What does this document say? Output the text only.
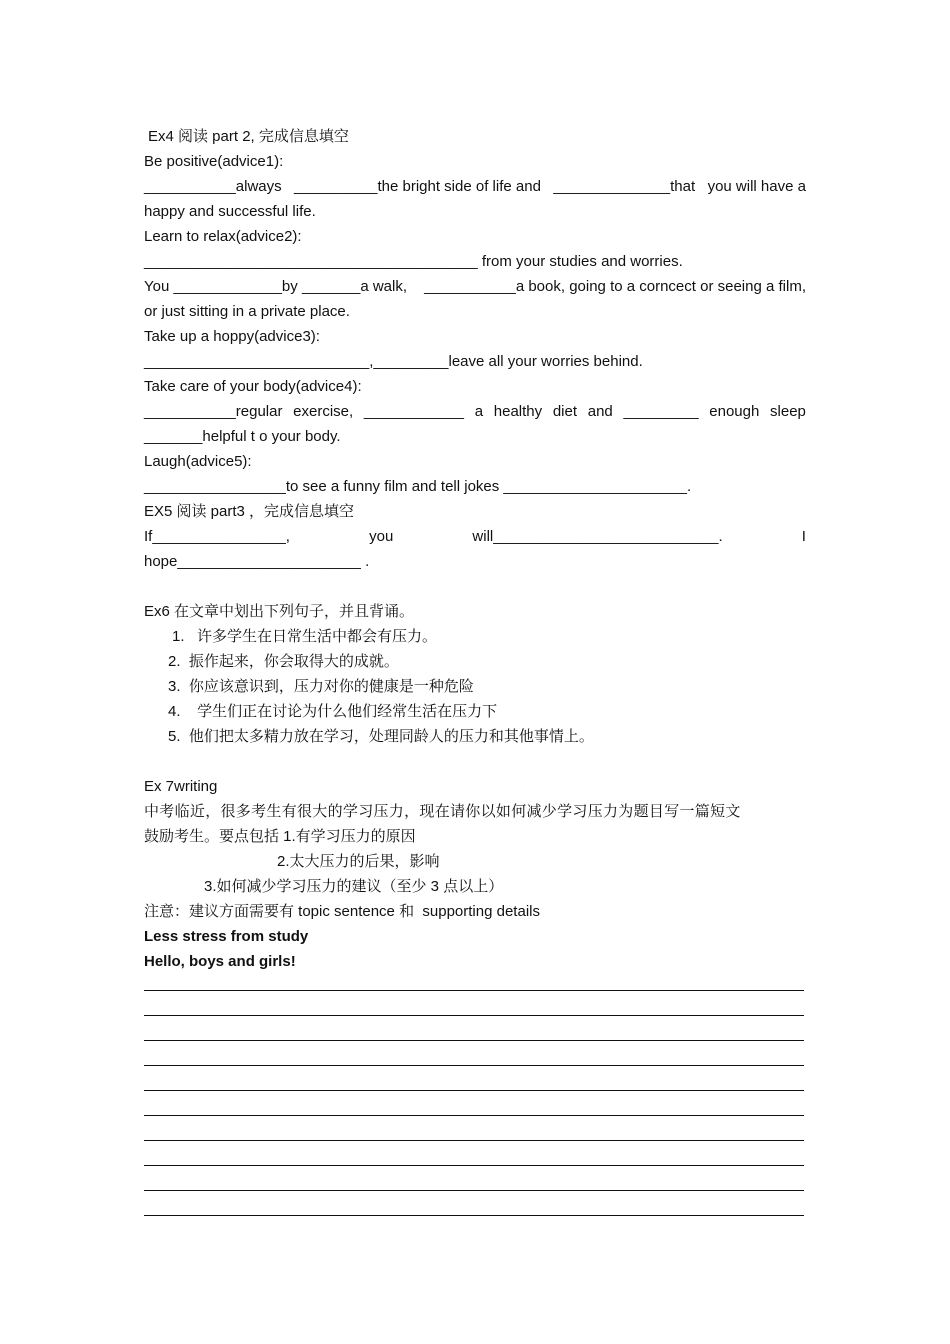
Ex4 阅读 part 2, 完成信息填空
Be positive(advice1):
___________always __________the bright side of life and ______________that you will have a
happy and successful life.
Learn to relax(advice2):
________________________________________ from your studies and worries.
You _____________by _______a walk, ___________a book, going to a corncect or seeing a film,
or just sitting in a private place.
Take up a hoppy(advice3):
___________________________,_________leave all your worries behind.
Take care of your body(advice4):
___________regular exercise, ____________ a healthy diet and _________ enough sleep
_______helpful t o your body.
Laugh(advice5):
_________________to see a funny film and tell jokes ______________________.
EX5 阅读 part3 ，完成信息填空
If________________,	you	will___________________________.	I
hope______________________ .
Ex6 在文章中划出下列句子，并且背诵。
1.   许多学生在日常生活中都会有压力。
2.  振作起来，你会取得大的成就。
3.  你应该意识到，压力对你的健康是一种危险
4.    学生们正在讨论为什么他们经常生活在压力下
5.  他们把太多精力放在学习，处理同龄人的压力和其他事情上。
Ex 7writing
中考临近，很多考生有很大的学习压力，现在请你以如何减少学习压力为题目写一篇短文
鼓励考生。要点包括 1.有学习压力的原因
2.太大压力的后果，影响
3.如何减少学习压力的建议（至少 3 点以上）
注意：建议方面需要有 topic sentence 和  supporting details
Less stress from study
Hello, boys and girls!
